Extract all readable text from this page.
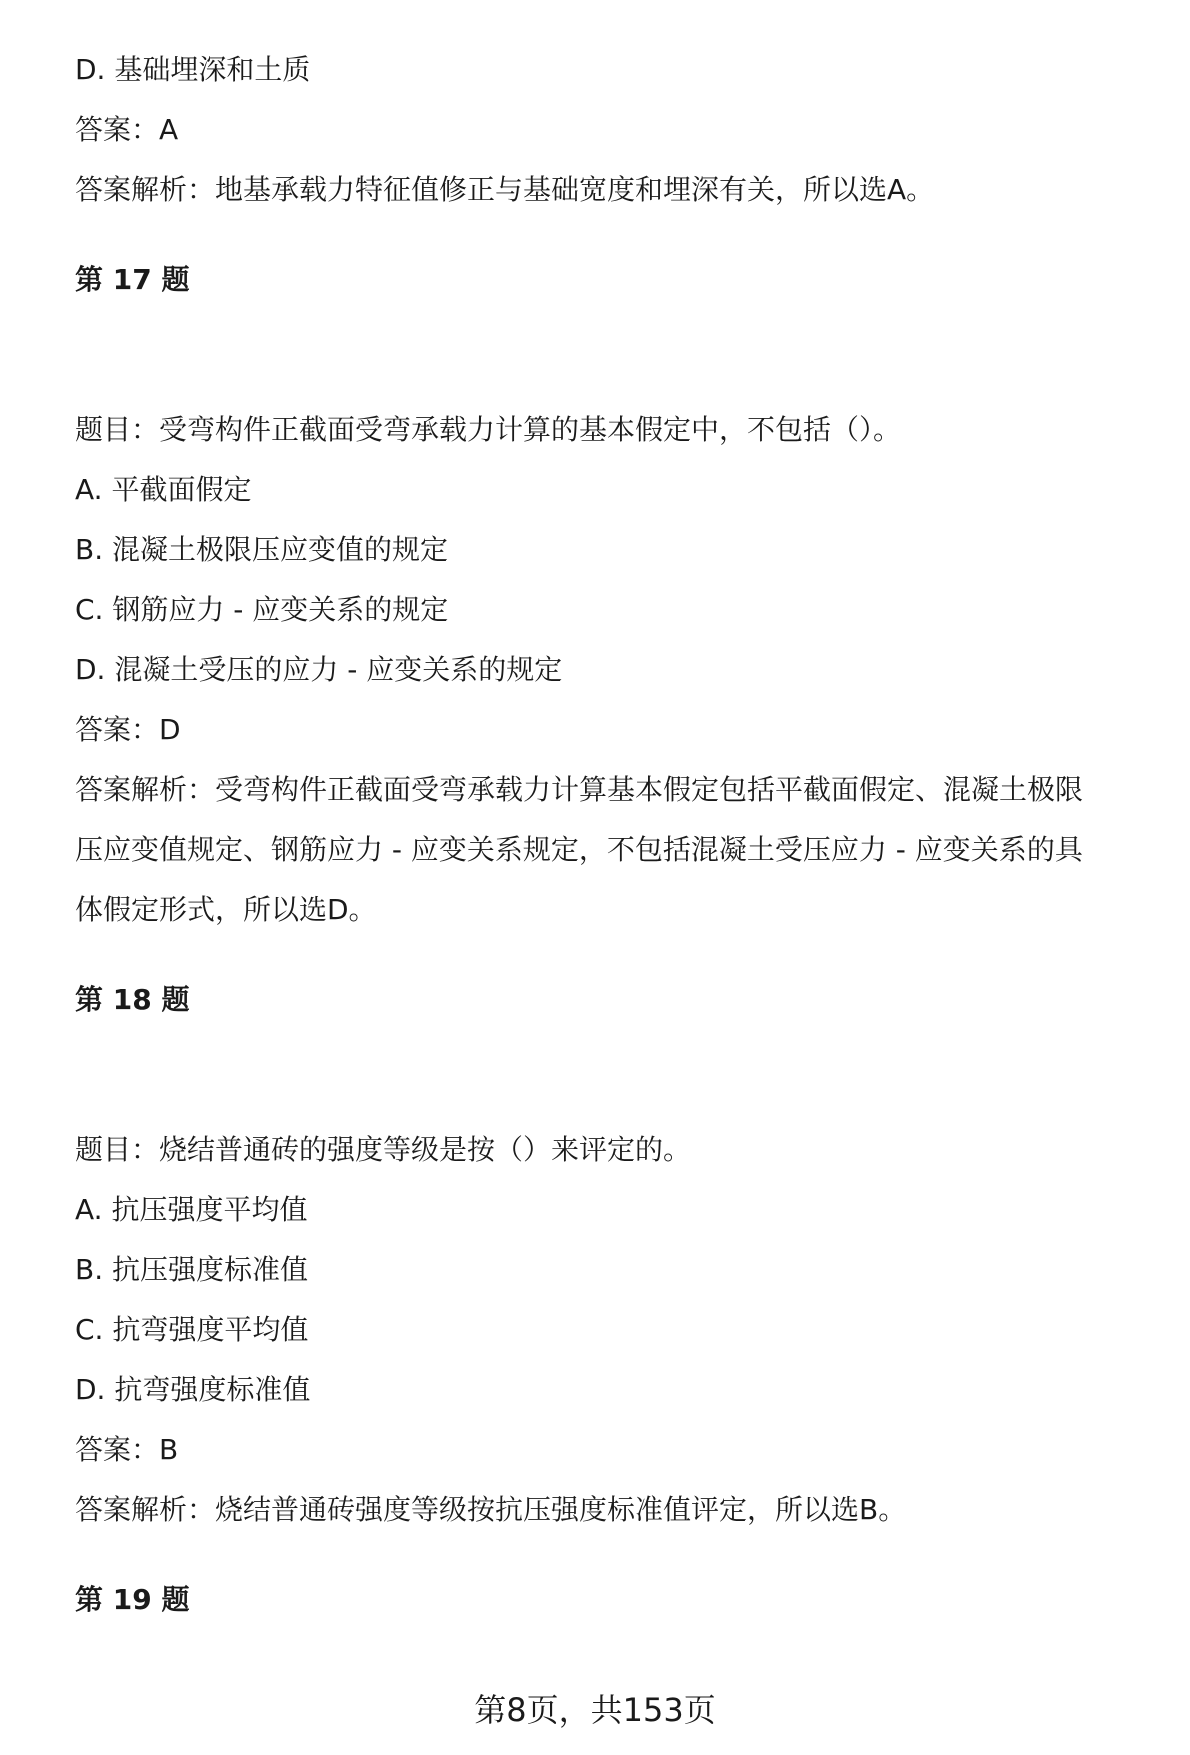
D. 基础埋深和土质
答案：A
答案解析：地基承载力特征值修正与基础宽度和埋深有关，所以选A。
第 17 题
题目：受弯构件正截面受弯承载力计算的基本假定中，不包括（）。
A. 平截面假定
B. 混凝土极限压应变值的规定
C. 钢筋应力 - 应变关系的规定
D. 混凝土受压的应力 - 应变关系的规定
答案：D
答案解析：受弯构件正截面受弯承载力计算基本假定包括平截面假定、混凝土极限
压应变值规定、钢筋应力 - 应变关系规定，不包括混凝土受压应力 - 应变关系的具
体假定形式，所以选D。
第 18 题
题目：烧结普通砖的强度等级是按（）来评定的。
A. 抗压强度平均值
B. 抗压强度标准值
C. 抗弯强度平均值
D. 抗弯强度标准值
答案：B
答案解析：烧结普通砖强度等级按抗压强度标准值评定，所以选B。
第 19 题
第8页，共153页
